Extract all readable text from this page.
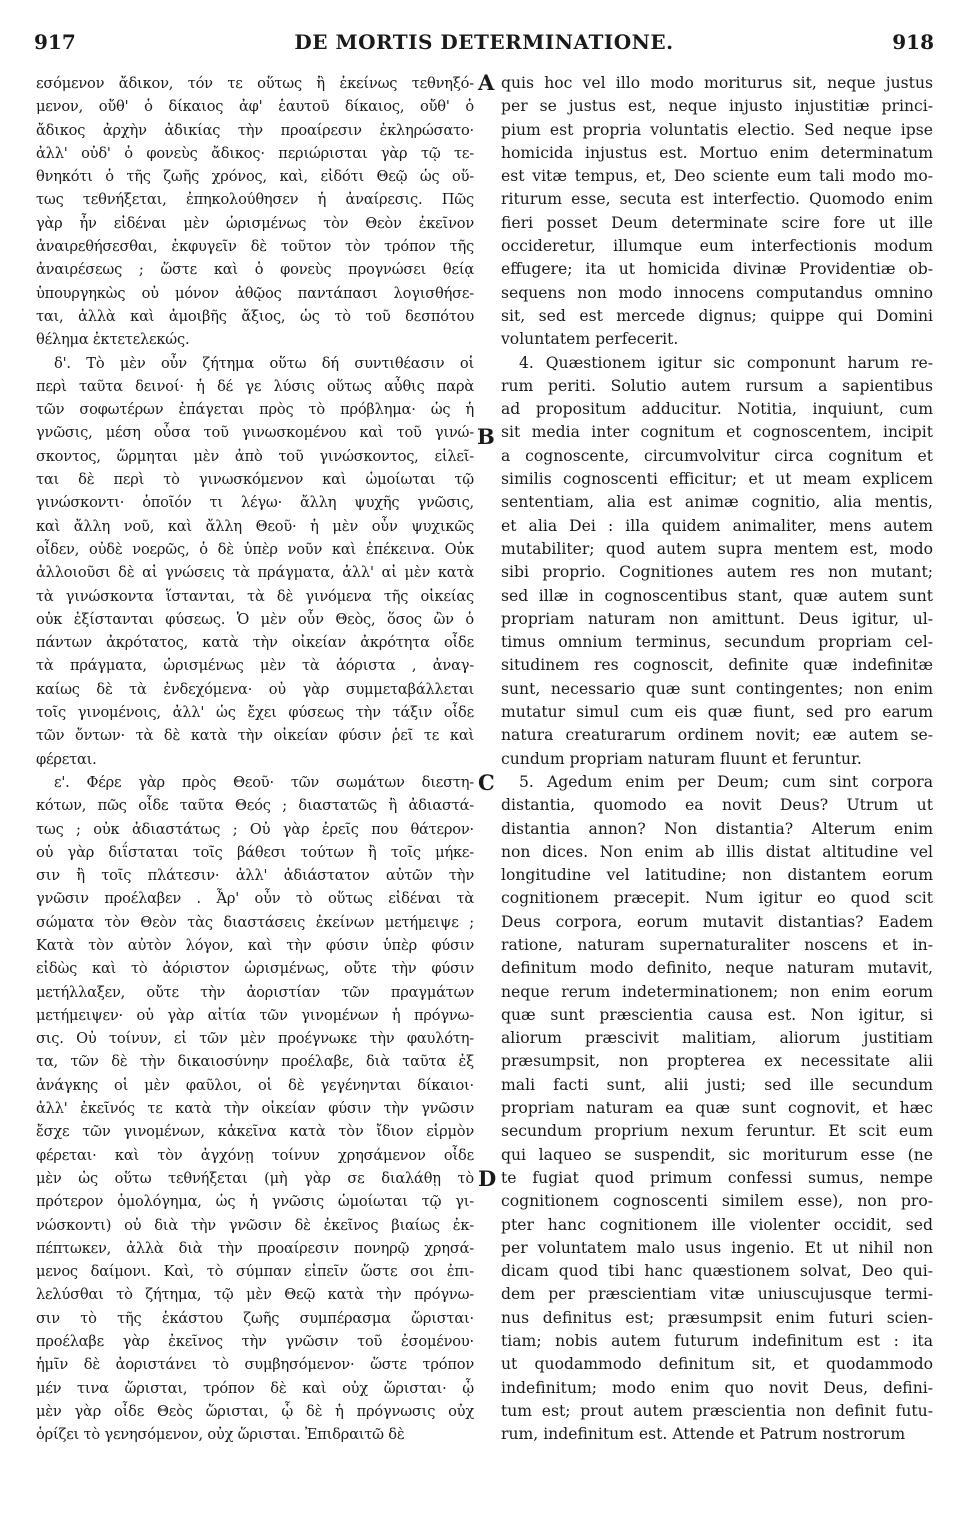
917	DE MORTIS DETERMINATIONE.	918
εσόμενον ἄδικον, τόν τε οὕτως ἢ ἐκείνως τεθνηξό-
μενον, οὔθ' ὁ δίκαιος ἀφ' ἑαυτοῦ δίκαιος, οὔθ' ὁ
ἄδικος ἀρχὴν ἀδικίας τὴν προαίρεσιν ἐκληρώσατο·
ἀλλ' οὐδ' ὁ φονεὺς ἄδικος· περιώρισται γὰρ τῷ τε-
θνηκότι ὁ τῆς ζωῆς χρόνος, καὶ, εἰδότι Θεῷ ὡς οὕ-
τως τεθνήξεται, ἐπηκολούθησεν ἡ ἀναίρεσις. Πῶς
γὰρ ἦν εἰδέναι μὲν ὡρισμένως τὸν Θεὸν ἐκεῖνον
ἀναιρεθήσεσθαι, ἐκφυγεῖν δὲ τοῦτον τὸν τρόπον τῆς
ἀναιρέσεως ; ὥστε καὶ ὁ φονεὺς προγνώσει θείᾳ
ὑπουργηκὼς οὐ μόνον ἀθῷος παντάπασι λογισθήσε-
ται, ἀλλὰ καὶ ἀμοιβῆς ἄξιος, ὡς τὸ τοῦ δεσπότου
θέλημα ἐκτετελεκώς.
δ'. Τὸ μὲν οὖν ζήτημα οὕτω δή συντιθέασιν οἱ
περὶ ταῦτα δεινοί· ἡ δέ γε λύσις οὕτως αὖθις παρὰ
τῶν σοφωτέρων ἐπάγεται πρὸς τὸ πρόβλημα· ὡς ἡ
γνῶσις, μέση οὖσα τοῦ γινωσκομένου καὶ τοῦ γινώ-
σκοντος, ὥρμηται μὲν ἀπὸ τοῦ γινώσκοντος, εἱλεῖ-
ται δὲ περὶ τὸ γινωσκόμενον καὶ ὡμοίωται τῷ
γινώσκοντι· ὁποῖόν τι λέγω· ἄλλη ψυχῆς γνῶσις,
καὶ ἄλλη νοῦ, καὶ ἄλλη Θεοῦ· ἡ μὲν οὖν ψυχικῶς
οἶδεν, οὐδὲ νοερῶς, ὁ δὲ ὑπὲρ νοῦν καὶ ἐπέκεινα. Οὐκ
ἀλλοιοῦσι δὲ αἱ γνώσεις τὰ πράγματα, ἀλλ' αἱ μὲν κατὰ
τὰ γινώσκοντα ἵστανται, τὰ δὲ γινόμενα τῆς οἰκείας
οὐκ ἐξίστανται φύσεως. Ὁ μὲν οὖν Θεὸς, ὅσος ὢν ὁ
πάντων ἀκρότατος, κατὰ τὴν οἰκείαν ἀκρότητα οἶδε
τὰ πράγματα, ὡρισμένως μὲν τὰ ἀόριστα , ἀναγ-
καίως δὲ τὰ ἐνδεχόμενα· οὐ γὰρ συμμεταβάλλεται
τοῖς γινομένοις, ἀλλ' ὡς ἔχει φύσεως τὴν τάξιν οἶδε
τῶν ὄντων· τὰ δὲ κατὰ τὴν οἰκείαν φύσιν ῥεῖ τε καὶ
φέρεται.
ε'. Φέρε γὰρ πρὸς Θεοῦ· τῶν σωμάτων διεστη-
κότων, πῶς οἶδε ταῦτα Θεός ; διαστατῶς ἢ ἀδιαστά-
τως ; οὐκ ἀδιαστάτως ; Οὐ γὰρ ἐρεῖς που θάτερον·
οὐ γὰρ διΐσταται τοῖς βάθεσι τούτων ἢ τοῖς μήκε-
σιν ἢ τοῖς πλάτεσιν· ἀλλ' ἀδιάστατον αὐτῶν τὴν
γνῶσιν προέλαβεν . Ἆρ' οὖν τὸ οὕτως εἰδέναι τὰ
σώματα τὸν Θεὸν τὰς διαστάσεις ἐκείνων μετήμειψε ;
Κατὰ τὸν αὐτὸν λόγον, καὶ τὴν φύσιν ὑπὲρ φύσιν
εἰδὼς καὶ τὸ ἀόριστον ὡρισμένως, οὔτε τὴν φύσιν
μετήλλαξεν, οὔτε τὴν ἀοριστίαν τῶν πραγμάτων
μετήμειψεν· οὐ γὰρ αἰτία τῶν γινομένων ἡ πρόγνω-
σις. Οὐ τοίνυν, εἰ τῶν μὲν προέγνωκε τὴν φαυλότη-
τα, τῶν δὲ τὴν δικαιοσύνην προέλαβε, διὰ ταῦτα ἐξ
ἀνάγκης οἱ μὲν φαῦλοι, οἱ δὲ γεγένηνται δίκαιοι·
ἀλλ' ἐκεῖνός τε κατὰ τὴν οἰκείαν φύσιν τὴν γνῶσιν
ἔσχε τῶν γινομένων, κἀκεῖνα κατὰ τὸν ἴδιον εἱρμὸν
φέρεται· καὶ τὸν ἀγχόνῃ τοίνυν χρησάμενον οἶδε
μὲν ὡς οὕτω τεθνήξεται (μὴ γὰρ σε διαλάθῃ τὸ
πρότερον ὁμολόγημα, ὡς ἡ γνῶσις ὡμοίωται τῷ γι-
νώσκοντι) οὐ διὰ τὴν γνῶσιν δὲ ἐκεῖνος βιαίως ἐκ-
πέπτωκεν, ἀλλὰ διὰ τὴν προαίρεσιν πονηρῷ χρησά-
μενος δαίμονι. Καὶ, τὸ σύμπαν εἰπεῖν ὥστε σοι ἐπι-
λελύσθαι τὸ ζήτημα, τῷ μὲν Θεῷ κατὰ τὴν πρόγνω-
σιν τὸ τῆς ἑκάστου ζωῆς συμπέρασμα ὥρισται·
προέλαβε γὰρ ἐκεῖνος τὴν γνῶσιν τοῦ ἐσομένου·
ἡμῖν δὲ ἀοριστάνει τὸ συμβησόμενον· ὥστε τρόπον
μέν τινα ὥρισται, τρόπον δὲ καὶ οὐχ ὥρισται· ᾧ
μὲν γὰρ οἶδε Θεὸς ὥρισται, ᾧ δὲ ἡ πρόγνωσις οὐχ
ὁρίζει τὸ γενησόμενον, οὐχ ὥρισται. Ἐπιδραιτῶ δὲ
quis hoc vel illo modo moriturus sit, neque justus
per se justus est, neque injusto injustitiæ princi-
pium est propria voluntatis electio. Sed neque ipse
homicida injustus est. Mortuo enim determinatum
est vitæ tempus, et, Deo sciente eum tali modo mo-
riturum esse, secuta est interfectio. Quomodo enim
fieri posset Deum determinate scire fore ut ille
occideretur, illumque eum interfectionis modum
effugere; ita ut homicida divinæ Providentiæ ob-
sequens non modo innocens computandus omnino
sit, sed est mercede dignus; quippe qui Domini
voluntatem perfecerit.
4. Quæstionem igitur sic componunt harum re-
rum periti. Solutio autem rursum a sapientibus
ad propositum adducitur. Notitia, inquiunt, cum
sit media inter cognitum et cognoscentem, incipit
a cognoscente, circumvolvitur circa cognitum et
similis cognoscenti efficitur; et ut meam explicem
sententiam, alia est animæ cognitio, alia mentis,
et alia Dei : illa quidem animaliter, mens autem
mutabiliter; quod autem supra mentem est, modo
sibi proprio. Cognitiones autem res non mutant;
sed illæ in cognoscentibus stant, quæ autem sunt
propriam naturam non amittunt. Deus igitur, ul-
timus omnium terminus, secundum propriam cel-
situdinem res cognoscit, definite quæ indefinitæ
sunt, necessario quæ sunt contingentes; non enim
mutatur simul cum eis quæ fiunt, sed pro earum
natura creaturarum ordinem novit; eæ autem se-
cundum propriam naturam fluunt et feruntur.
5. Agedum enim per Deum; cum sint corpora
distantia, quomodo ea novit Deus? Utrum ut
distantia annon? Non distantia? Alterum enim
non dices. Non enim ab illis distat altitudine vel
longitudine vel latitudine; non distantem eorum
cognitionem præcepit. Num igitur eo quod scit
Deus corpora, eorum mutavit distantias? Eadem
ratione, naturam supernaturaliter noscens et in-
definitum modo definito, neque naturam mutavit,
neque rerum indeterminationem; non enim eorum
quæ sunt præscientia causa est. Non igitur, si
aliorum præscivit malitiam, aliorum justitiam
præsumpsit, non propterea ex necessitate alii
mali facti sunt, alii justi; sed ille secundum
propriam naturam ea quæ sunt cognovit, et hæc
secundum proprium nexum feruntur. Et scit eum
qui laqueo se suspendit, sic moriturum esse (ne
te fugiat quod primum confessi sumus, nempe
cognitionem cognoscenti similem esse), non pro-
pter hanc cognitionem ille violenter occidit, sed
per voluntatem malo usus ingenio. Et ut nihil non
dicam quod tibi hanc quæstionem solvat, Deo qui-
dem per præscientiam vitæ uniuscujusque termi-
nus definitus est; præsumpsit enim futuri scien-
tiam; nobis autem futurum indefinitum est : ita
ut quodammodo definitum sit, et quodammodo
indefinitum; modo enim quo novit Deus, defini-
tum est; prout autem præscientia non definit futu-
rum, indefinitum est. Attende et Patrum nostrorum
A
B
C
D
